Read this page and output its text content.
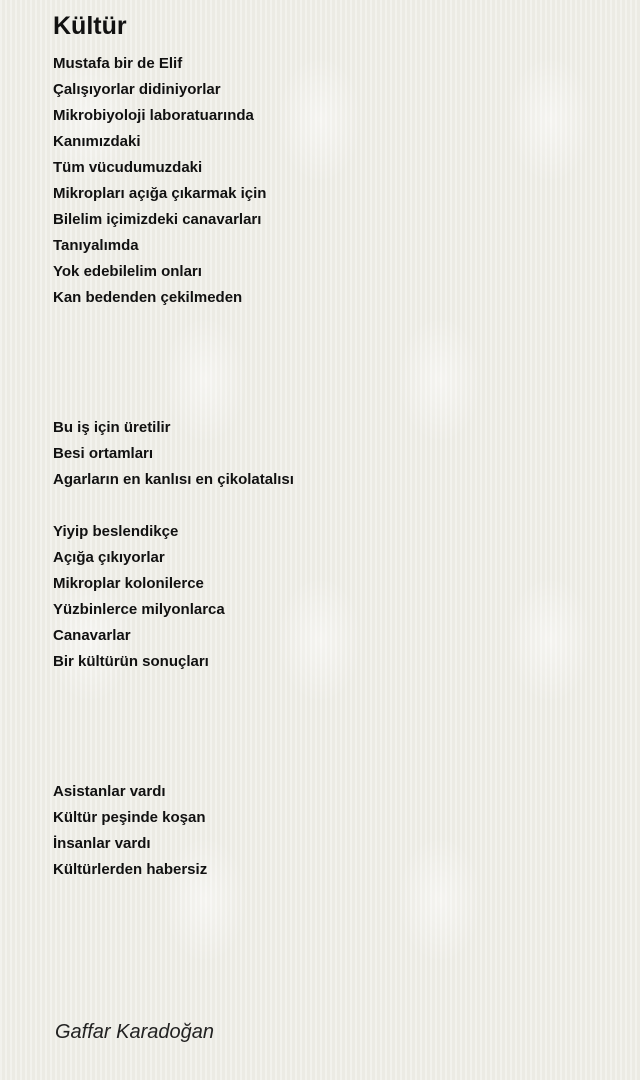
Kültür
Mustafa bir de Elif
Çalışıyorlar didiniyorlar
Mikrobiyoloji laboratuarında
Kanımızdaki
Tüm vücudumuzdaki
Mikropları açığa çıkarmak için
Bilelim içimizdeki canavarları
Tanıyalımda
Yok edebilelim onları
Kan bedenden çekilmeden
Bu iş için üretilir
Besi ortamları
Agarların en kanlısı en çikolatalısı
Yiyip beslendikçe
Açığa çıkıyorlar
Mikroplar kolonilerce
Yüzbinlerce milyonlarca
Canavarlar
Bir kültürün sonuçları
Asistanlar vardı
Kültür peşinde koşan
İnsanlar vardı
Kültürlerden habersiz
Gaffar Karadoğan
